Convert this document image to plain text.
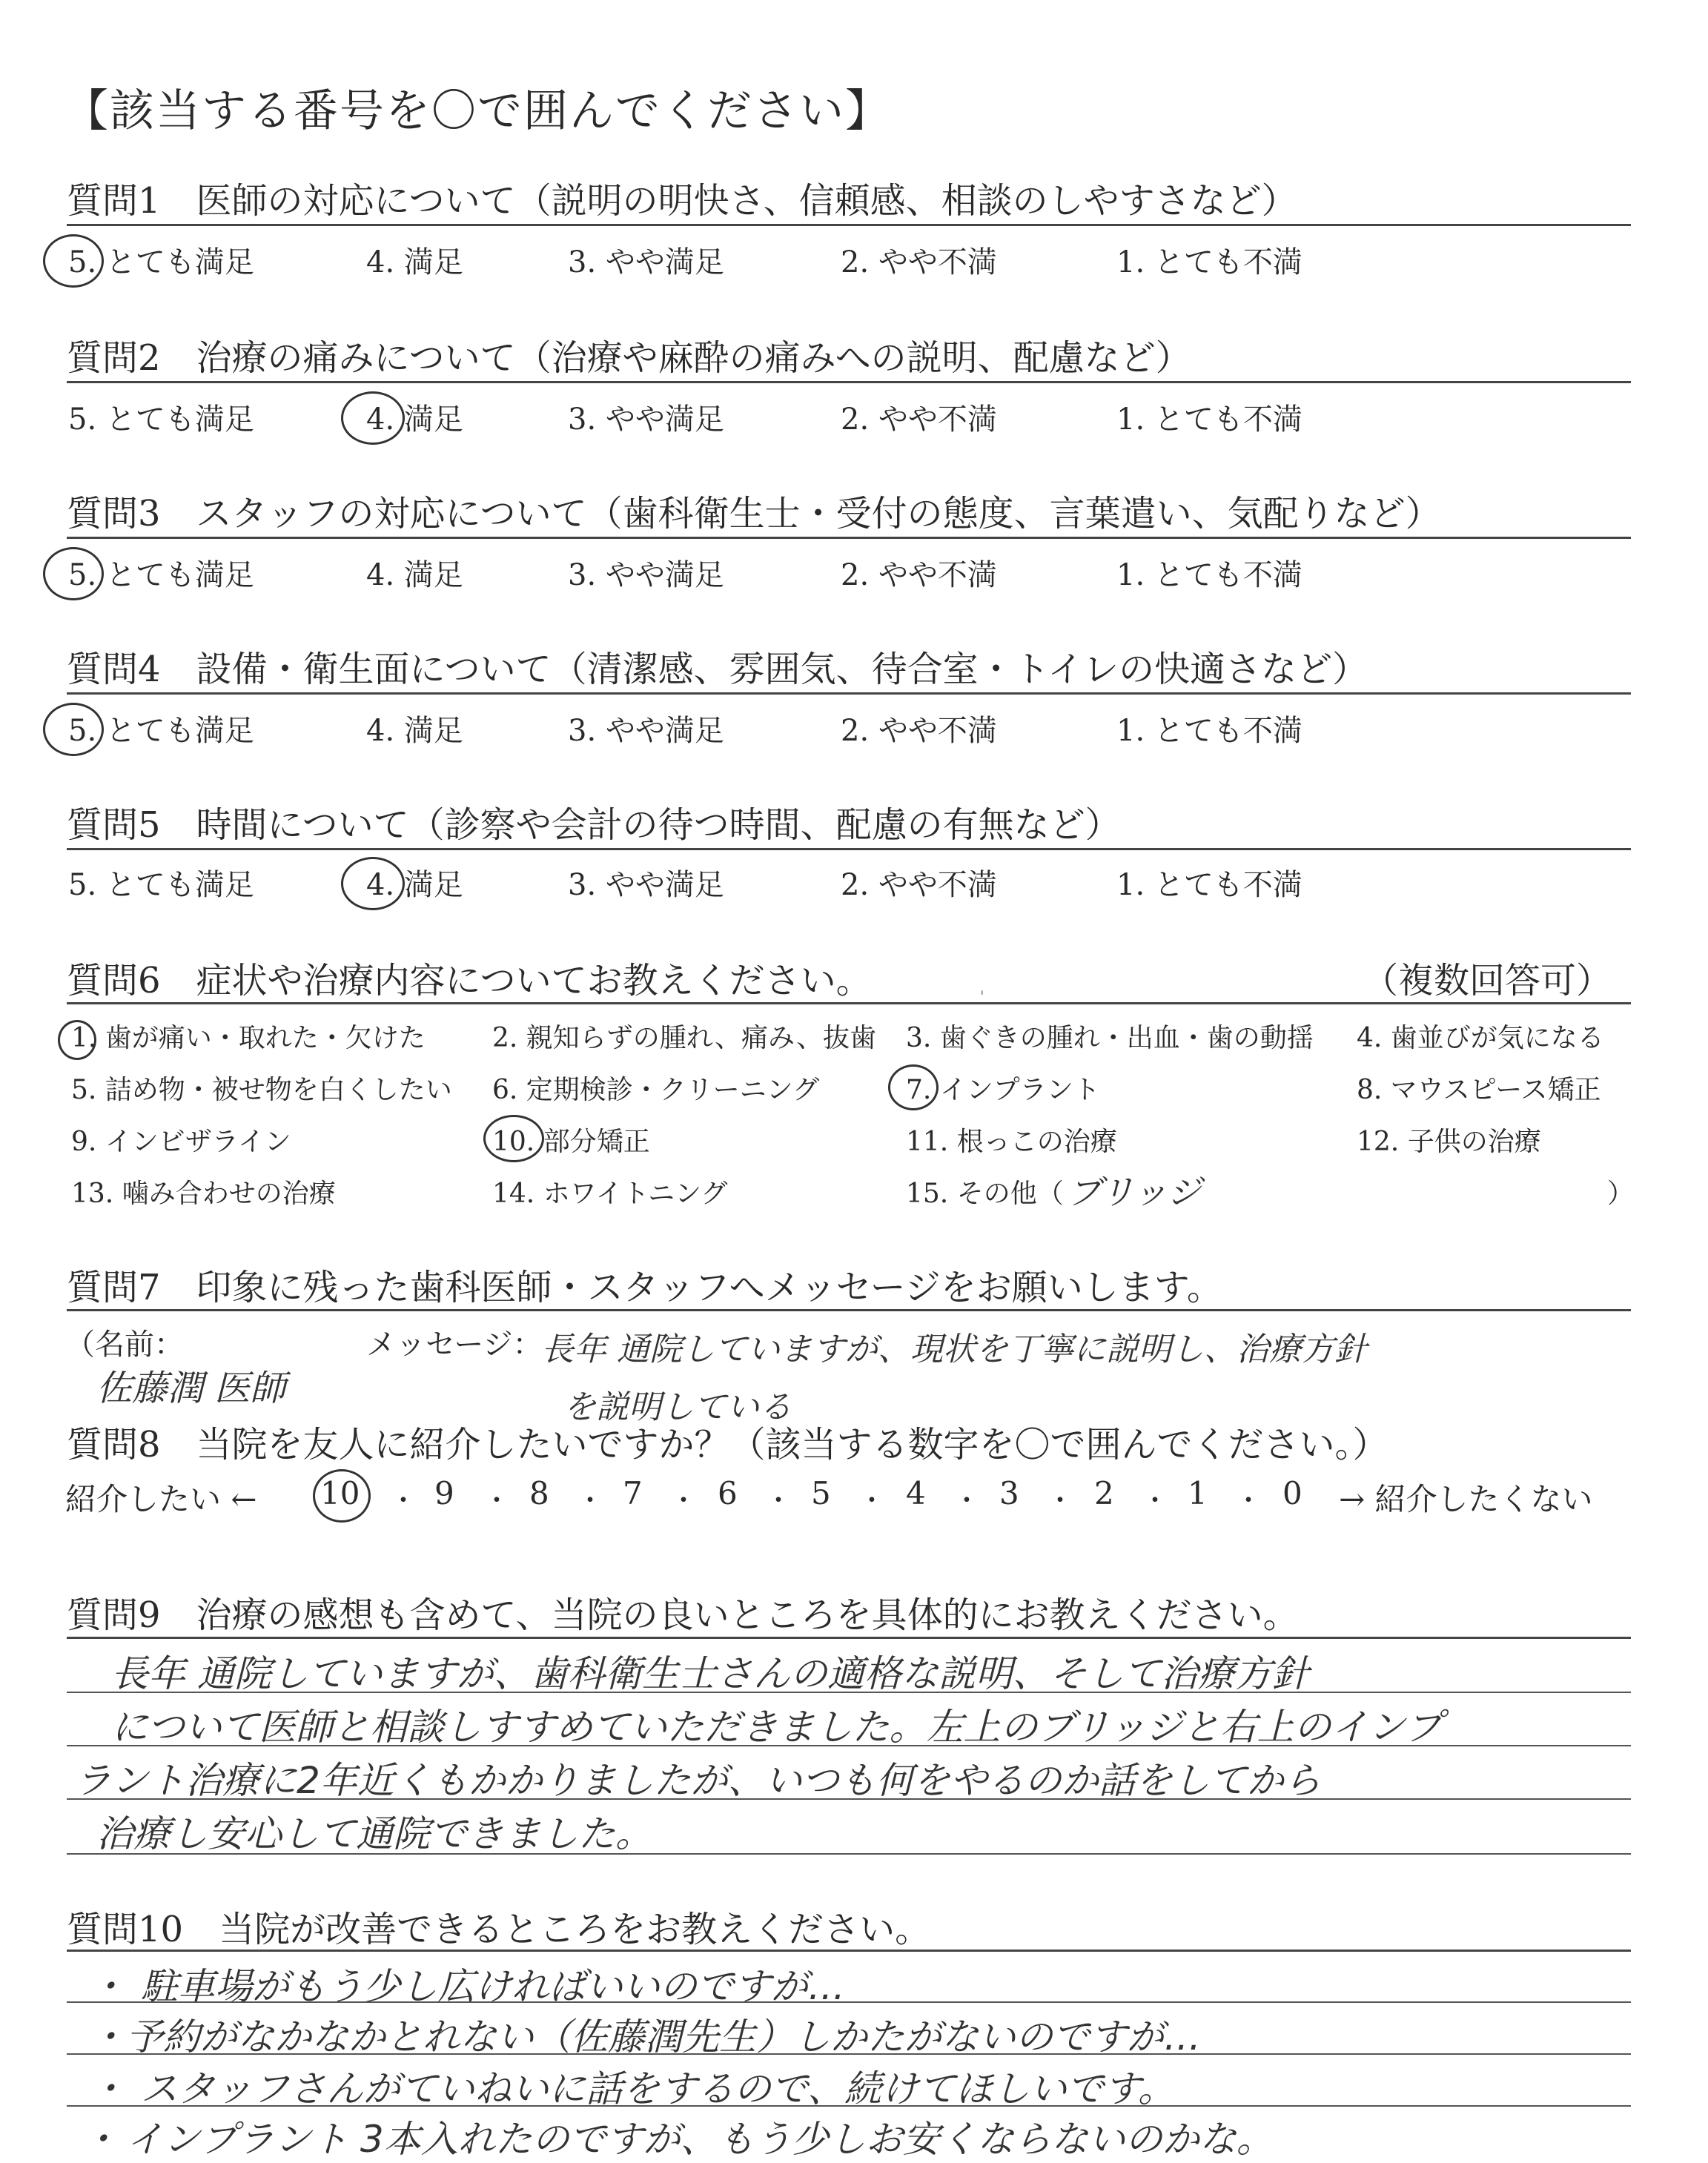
【該当する番号を〇で囲んでください】
質問1　医師の対応について（説明の明快さ、信頼感、相談のしやすさなど）
5. とても満足	4. 満足	3. やや満足	2. やや不満	1. とても不満
質問2　治療の痛みについて（治療や麻酔の痛みへの説明、配慮など）
5. とても満足	4. 満足	3. やや満足	2. やや不満	1. とても不満
質問3　スタッフの対応について（歯科衛生士・受付の態度、言葉遣い、気配りなど）
5. とても満足	4. 満足	3. やや満足	2. やや不満	1. とても不満
質問4　設備・衛生面について（清潔感、雰囲気、待合室・トイレの快適さなど）
5. とても満足	4. 満足	3. やや満足	2. やや不満	1. とても不満
質問5　時間について（診察や会計の待つ時間、配慮の有無など）
5. とても満足	4. 満足	3. やや満足	2. やや不満	1. とても不満
質問6　症状や治療内容についてお教えください。	（複数回答可）
'
1. 歯が痛い・取れた・欠けた	2. 親知らずの腫れ、痛み、抜歯 3. 歯ぐきの腫れ・出血・歯の動揺 4. 歯並びが気になる
5. 詰め物・被せ物を白くしたい 6. 定期検診・クリーニング	7. インプラント	8. マウスピース矯正
9. インビザライン	10. 部分矯正	11. 根っこの治療	12. 子供の治療
13. 噛み合わせの治療	14. ホワイトニング	15. その他（ ブリッジ	）
質問7　印象に残った歯科医師・スタッフへメッセージをお願いします。
（名前：	メッセージ：
佐藤潤 医師
長年 通院していますが、現状を丁寧に説明し、治療方針
を説明している
質問8　当院を友人に紹介したいですか？（該当する数字を〇で囲んでください。）
紹介したい ← 10 ・ 9 ・ 8 ・ 7 ・ 6 ・ 5 ・ 4 ・ 3 ・ 2 ・ 1 ・ 0 → 紹介したくない
質問9　治療の感想も含めて、当院の良いところを具体的にお教えください。
長年 通院していますが、歯科衛生士さんの適格な説明、そして治療方針
について医師と相談しすすめていただきました。左上のブリッジと右上のインプ
ラント治療に2年近くもかかりましたが、いつも何をやるのか話をしてから
治療し安心して通院できました。
質問10　当院が改善できるところをお教えください。
・ 駐車場がもう少し広ければいいのですが…
・ 予約がなかなかとれない（佐藤潤先生）しかたがないのですが…
・ スタッフさんがていねいに話をするので、続けてほしいです。
・ インプラント 3本入れたのですが、もう少しお安くならないのかな。
